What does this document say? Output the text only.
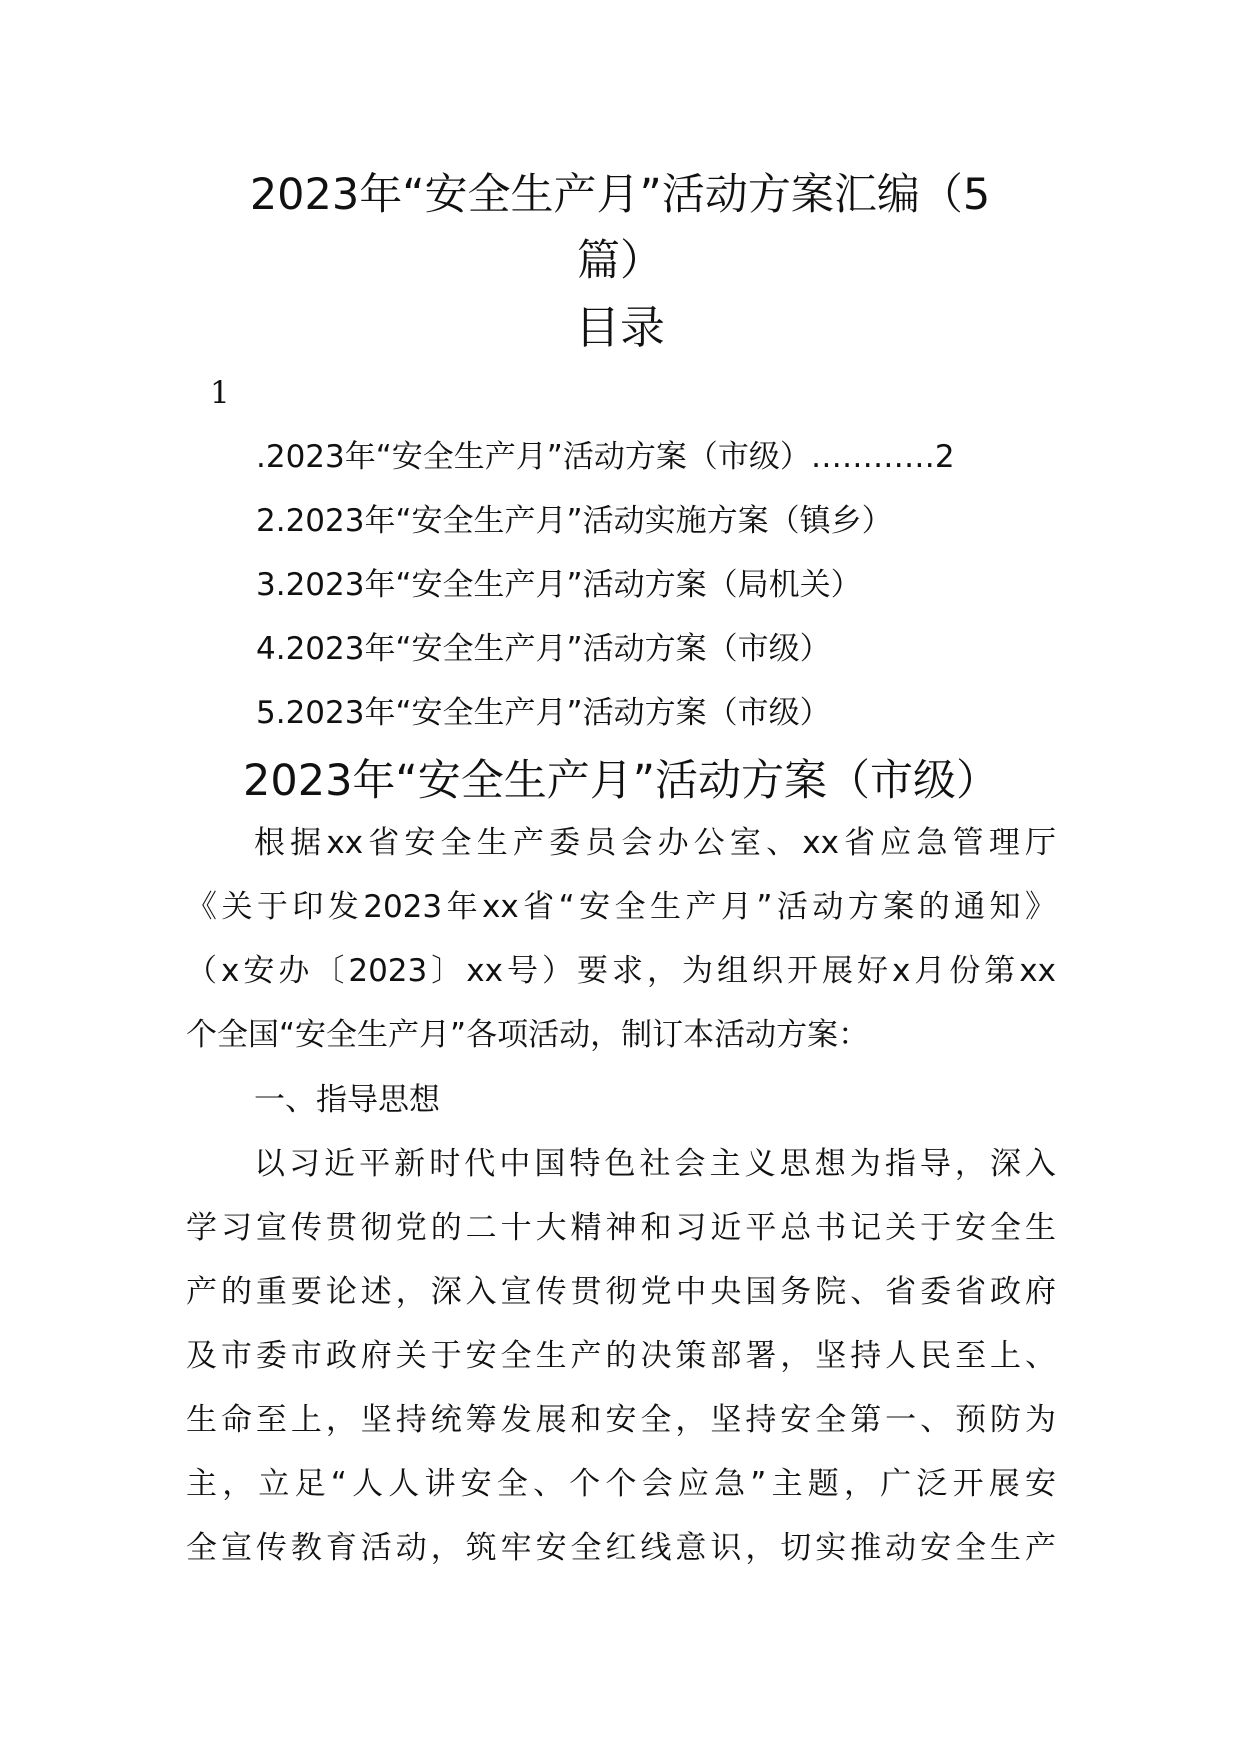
2023年“安全生产月”活动方案汇编（5
篇）
目录
1
.2023年“安全生产月”活动方案（市级）…………2
2.2023年“安全生产月”活动实施方案（镇乡）
3.2023年“安全生产月”活动方案（局机关）
4.2023年“安全生产月”活动方案（市级）
5.2023年“安全生产月”活动方案（市级）
2023年“安全生产月”活动方案（市级）
根据xx省安全生产委员会办公室、xx省应急管理厅
《关于印发2023年xx省“安全生产月”活动方案的通知》
（x安办〔2023〕xx号）要求，为组织开展好x月份第xx
个全国“安全生产月”各项活动，制订本活动方案：
一、指导思想
以习近平新时代中国特色社会主义思想为指导，深入
学习宣传贯彻党的二十大精神和习近平总书记关于安全生
产的重要论述，深入宣传贯彻党中央国务院、省委省政府
及市委市政府关于安全生产的决策部署，坚持人民至上、
生命至上，坚持统筹发展和安全，坚持安全第一、预防为
主，立足“人人讲安全、个个会应急”主题，广泛开展安
全宣传教育活动，筑牢安全红线意识，切实推动安全生产
